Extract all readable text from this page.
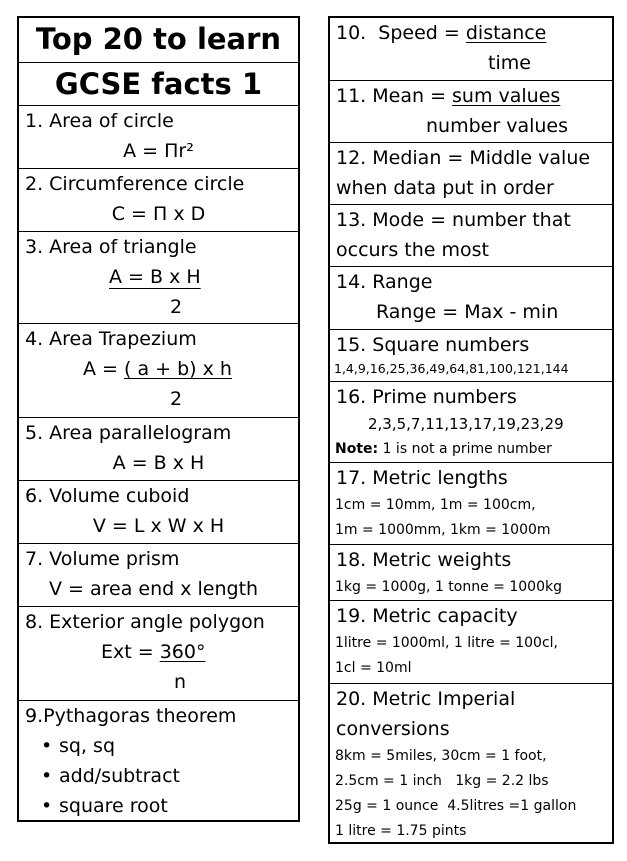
Top 20 to learn
GCSE facts 1
1. Area of circle
A = Πr²
2. Circumference circle
C = Π x D
3. Area of triangle
A = B x H
2
4. Area Trapezium
A = ( a + b) x h
2
5. Area parallelogram
A = B x H
6. Volume cuboid
V = L x W x H
7. Volume prism
V = area end x length
8. Exterior angle polygon
Ext = 360°
n
9.Pythagoras theorem
• sq, sq
• add/subtract
• square root
10.  Speed = distance
time
11. Mean = sum values
number values
12. Median = Middle value
when data put in order
13. Mode = number that
occurs the most
14. Range
Range = Max - min
15. Square numbers
1,4,9,16,25,36,49,64,81,100,121,144
16. Prime numbers
2,3,5,7,11,13,17,19,23,29
Note: 1 is not a prime number
17. Metric lengths
1cm = 10mm, 1m = 100cm,
1m = 1000mm, 1km = 1000m
18. Metric weights
1kg = 1000g, 1 tonne = 1000kg
19. Metric capacity
1litre = 1000ml, 1 litre = 100cl,
1cl = 10ml
20. Metric Imperial
conversions
8km = 5miles, 30cm = 1 foot,
2.5cm = 1 inch   1kg = 2.2 lbs
25g = 1 ounce  4.5litres =1 gallon
1 litre = 1.75 pints
